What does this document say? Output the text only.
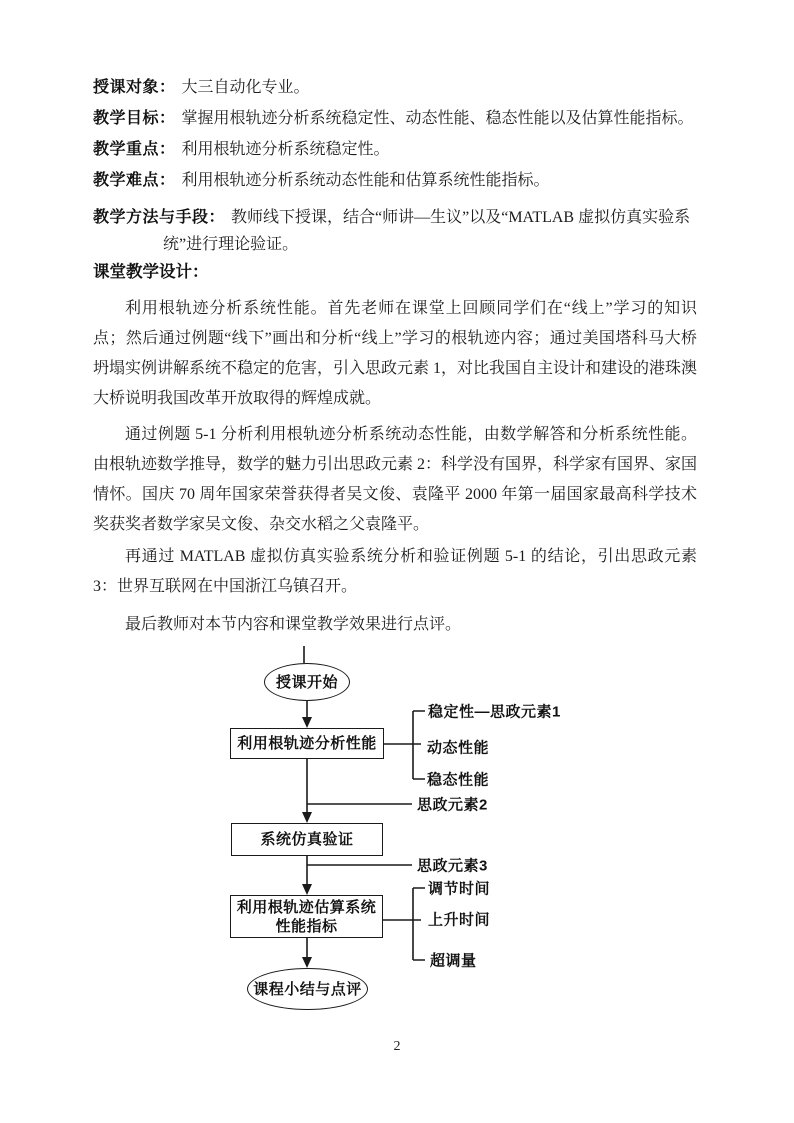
授课对象： 大三自动化专业。
教学目标： 掌握用根轨迹分析系统稳定性、动态性能、稳态性能以及估算性能指标。
教学重点： 利用根轨迹分析系统稳定性。
教学难点： 利用根轨迹分析系统动态性能和估算系统性能指标。
教学方法与手段： 教师线下授课，结合“师讲—生议”以及“MATLAB 虚拟仿真实验系统”进行理论验证。
课堂教学设计：

利用根轨迹分析系统性能。首先老师在课堂上回顾同学们在“线上”学习的知识点；然后通过例题“线下”画出和分析“线上”学习的根轨迹内容；通过美国塔科马大桥坍塌实例讲解系统不稳定的危害，引入思政元素 1，对比我国自主设计和建设的港珠澳大桥说明我国改革开放取得的辉煌成就。

通过例题 5-1 分析利用根轨迹分析系统动态性能，由数学解答和分析系统性能。由根轨迹数学推导，数学的魅力引出思政元素 2：科学没有国界，科学家有国界、家国情怀。国庆 70 周年国家荣誉获得者吴文俊、袁隆平 2000 年第一届国家最高科学技术奖获奖者数学家吴文俊、杂交水稻之父袁隆平。

再通过 MATLAB 虚拟仿真实验系统分析和验证例题 5-1 的结论，引出思政元素 3：世界互联网在中国浙江乌镇召开。

最后教师对本节内容和课堂教学效果进行点评。

授课开始
利用根轨迹分析性能
系统仿真验证
利用根轨迹估算系统
性能指标
课程小结与点评
稳定性—思政元素1
动态性能
稳态性能
思政元素2
思政元素3
调节时间
上升时间
超调量
2
